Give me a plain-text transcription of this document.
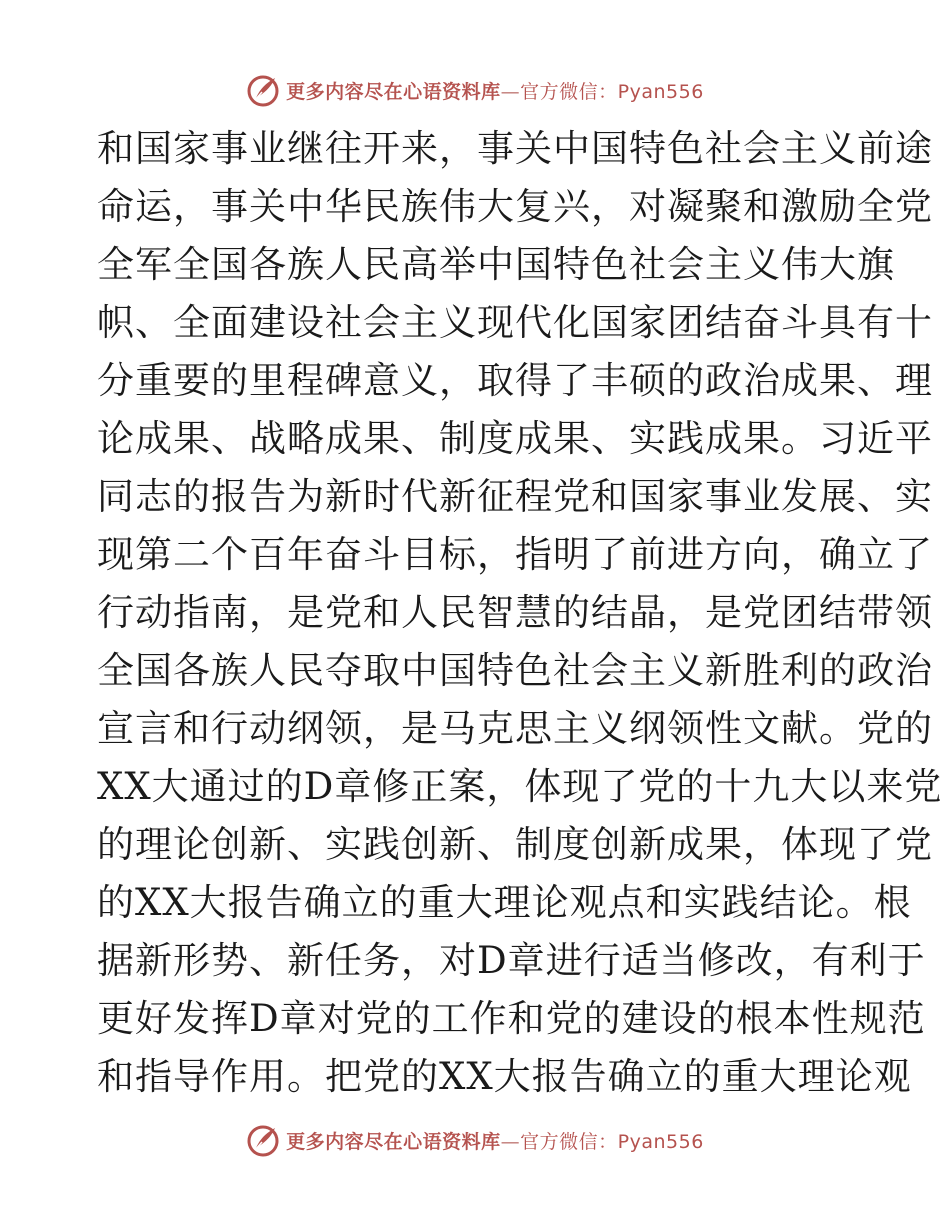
更多内容尽在心语资料库—官方微信：Pyan556
和国家事业继往开来，事关中国特色社会主义前途
命运，事关中华民族伟大复兴，对凝聚和激励全党
全军全国各族人民高举中国特色社会主义伟大旗
帜、全面建设社会主义现代化国家团结奋斗具有十
分重要的里程碑意义，取得了丰硕的政治成果、理
论成果、战略成果、制度成果、实践成果。习近平
同志的报告为新时代新征程党和国家事业发展、实
现第二个百年奋斗目标，指明了前进方向，确立了
行动指南，是党和人民智慧的结晶，是党团结带领
全国各族人民夺取中国特色社会主义新胜利的政治
宣言和行动纲领，是马克思主义纲领性文献。党的
XX大通过的D章修正案，体现了党的十九大以来党
的理论创新、实践创新、制度创新成果，体现了党
的XX大报告确立的重大理论观点和实践结论。根
据新形势、新任务，对D章进行适当修改，有利于
更好发挥D章对党的工作和党的建设的根本性规范
和指导作用。把党的XX大报告确立的重大理论观
更多内容尽在心语资料库—官方微信：Pyan556
